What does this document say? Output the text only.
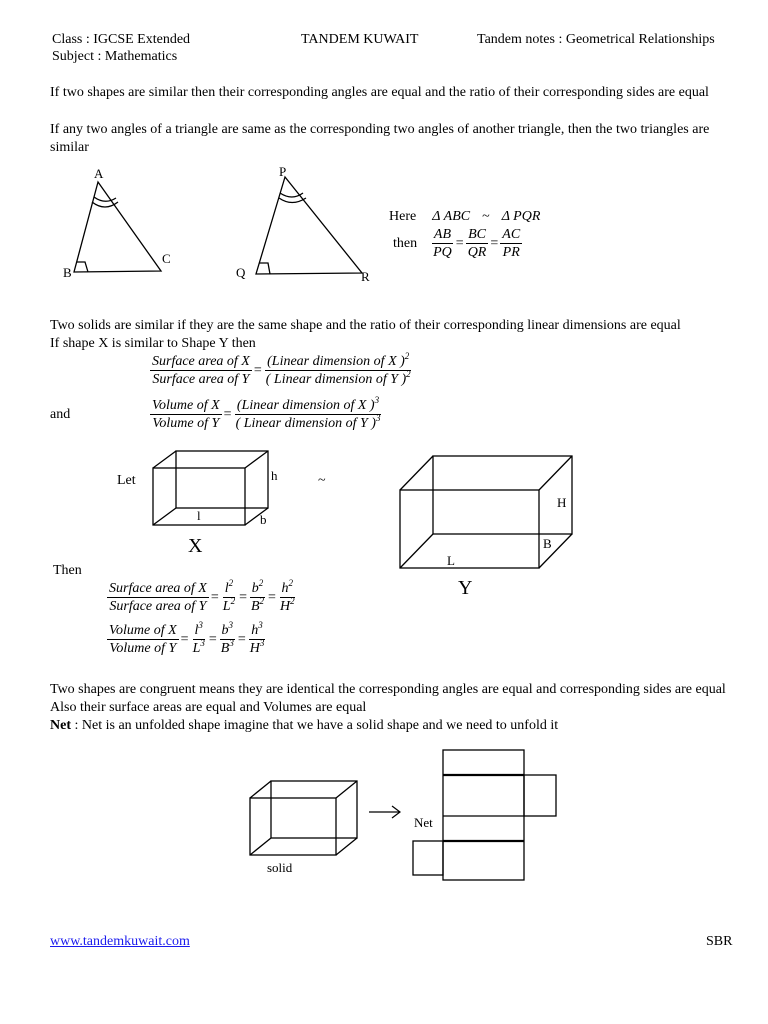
Class : IGCSE Extended
Subject : Mathematics
TANDEM KUWAIT	Tandem notes : Geometrical Relationships
If two shapes are similar then their corresponding angles are equal and the ratio of their corresponding sides are equal
If any two angles of a triangle are same as the corresponding two angles of another triangle, then the two triangles are similar
A
B
C
P
Q	R
Here Δ ABC ~ Δ PQR
then $\frac{AB}{PQ} = \frac{BC}{QR} = \frac{AC}{PR}$
Two solids are similar if they are the same shape and the ratio of their corresponding linear dimensions are equal
If shape X is similar to Shape Y then
$\frac{\text{Surface area of X}}{\text{Surface area of Y}} = \frac{(Linear dimension of X )^2}{( Linear dimension of Y )^2}$
and	$\frac{\text{Volume of X}}{\text{Volume of Y}} = \frac{(Linear dimension of X )^3}{( Linear dimension of Y )^3}$
Let	~
h
l	b
X
H
L
B
Y
Then
$\frac{\text{Surface area of X}}{\text{Surface area of Y}} = \frac{l^2}{L^2} = \frac{b^2}{B^2} = \frac{h^2}{H^2}$
$\frac{\text{Volume of X}}{\text{Volume of Y}} = \frac{l^3}{L^3} = \frac{b^3}{B^3} = \frac{h^3}{H^3}$
Two shapes are congruent means they are identical the corresponding angles are equal and corresponding sides are equal Also their surface areas are equal and Volumes are equal
Net : Net is an unfolded shape imagine that we have a solid shape and we need to unfold it
solid
Net
www.tandemkuwait.com	SBR
